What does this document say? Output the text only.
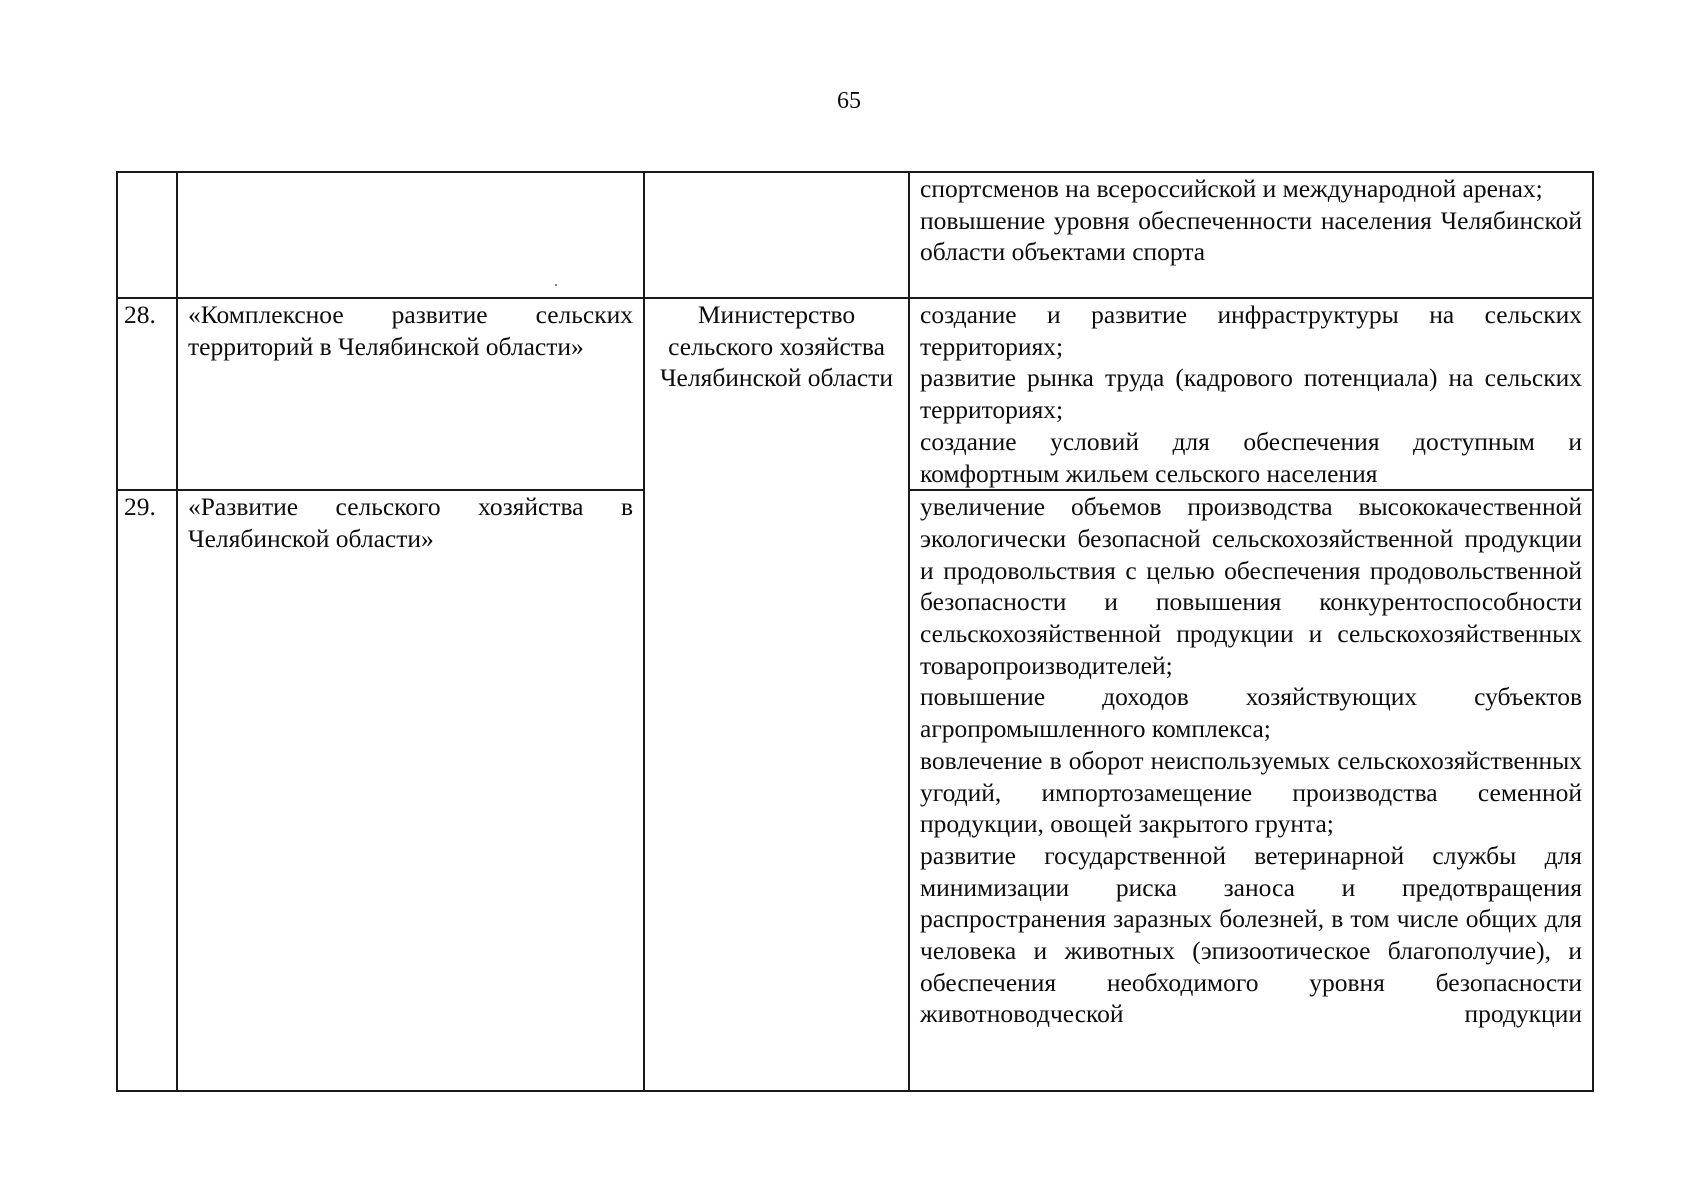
65

			спортсменов на всероссийской и международной аренах;
повышение уровня обеспеченности населения Челябинской области объектами спорта

28.	«Комплексное развитие сельских территорий в Челябинской области»	Министерство сельского хозяйства Челябинской области	создание и развитие инфраструктуры на сельских территориях;
развитие рынка труда (кадрового потенциала) на сельских территориях;
создание условий для обеспечения доступным и комфортным жильем сельского населения

29.	«Развитие сельского хозяйства в Челябинской области»		увеличение объемов производства высококачественной экологически безопасной сельскохозяйственной продукции и продовольствия с целью обеспечения продовольственной безопасности и повышения конкурентоспособности сельскохозяйственной продукции и сельскохозяйственных товаропроизводителей;
повышение доходов хозяйствующих субъектов агропромышленного комплекса;
вовлечение в оборот неиспользуемых сельскохозяйственных угодий, импортозамещение производства семенной продукции, овощей закрытого грунта;
развитие государственной ветеринарной службы для минимизации риска заноса и предотвращения распространения заразных болезней, в том числе общих для человека и животных (эпизоотическое благополучие), и обеспечения необходимого уровня безопасности животноводческой продукции
